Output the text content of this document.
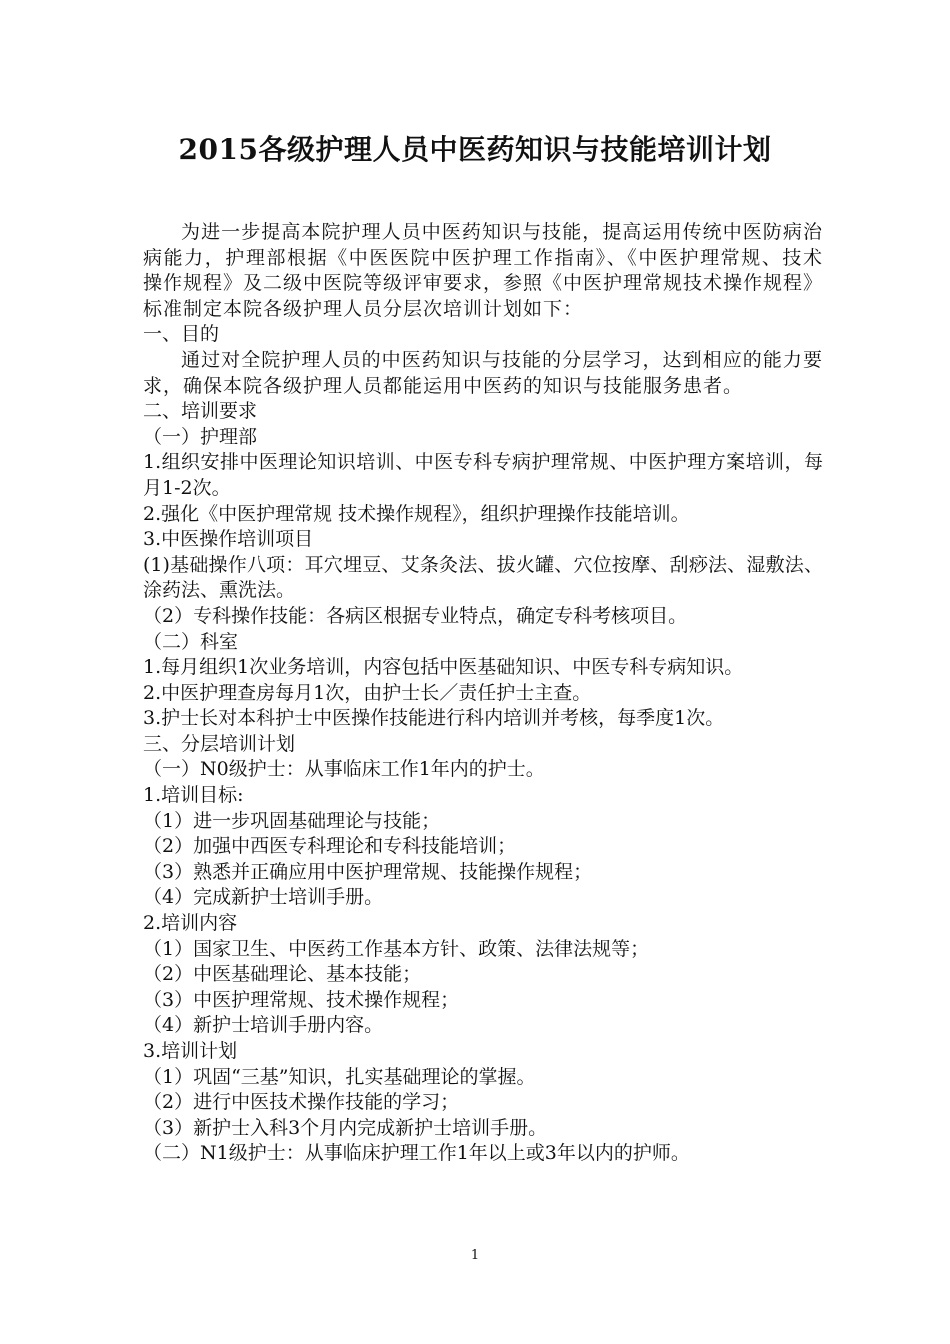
2015各级护理人员中医药知识与技能培训计划

为进一步提高本院护理人员中医药知识与技能，提高运用传统中医防病治病能力，护理部根据《中医医院中医护理工作指南》、《中医护理常规、技术操作规程》及二级中医院等级评审要求，参照《中医护理常规技术操作规程》标准制定本院各级护理人员分层次培训计划如下：

一、目的

通过对全院护理人员的中医药知识与技能的分层学习，达到相应的能力要求，确保本院各级护理人员都能运用中医药的知识与技能服务患者。

二、培训要求

（一）护理部

1.组织安排中医理论知识培训、中医专科专病护理常规、中医护理方案培训，每月1-2次。

2.强化《中医护理常规 技术操作规程》，组织护理操作技能培训。

3.中医操作培训项目

(1)基础操作八项：耳穴埋豆、艾条灸法、拔火罐、穴位按摩、刮痧法、湿敷法、涂药法、熏洗法。

（2）专科操作技能：各病区根据专业特点，确定专科考核项目。

（二）科室

1.每月组织1次业务培训，内容包括中医基础知识、中医专科专病知识。

2.中医护理查房每月1次，由护士长／责任护士主查。

3.护士长对本科护士中医操作技能进行科内培训并考核，每季度1次。

三、分层培训计划

（一）N0级护士：从事临床工作1年内的护士。

1.培训目标:

（1）进一步巩固基础理论与技能；

（2）加强中西医专科理论和专科技能培训；

（3）熟悉并正确应用中医护理常规、技能操作规程；

（4）完成新护士培训手册。

2.培训内容

（1）国家卫生、中医药工作基本方针、政策、法律法规等；

（2）中医基础理论、基本技能；

（3）中医护理常规、技术操作规程；

（4）新护士培训手册内容。

3.培训计划

（1）巩固“三基”知识，扎实基础理论的掌握。

（2）进行中医技术操作技能的学习；

（3）新护士入科3个月内完成新护士培训手册。

（二）N1级护士：从事临床护理工作1年以上或3年以内的护师。

1
